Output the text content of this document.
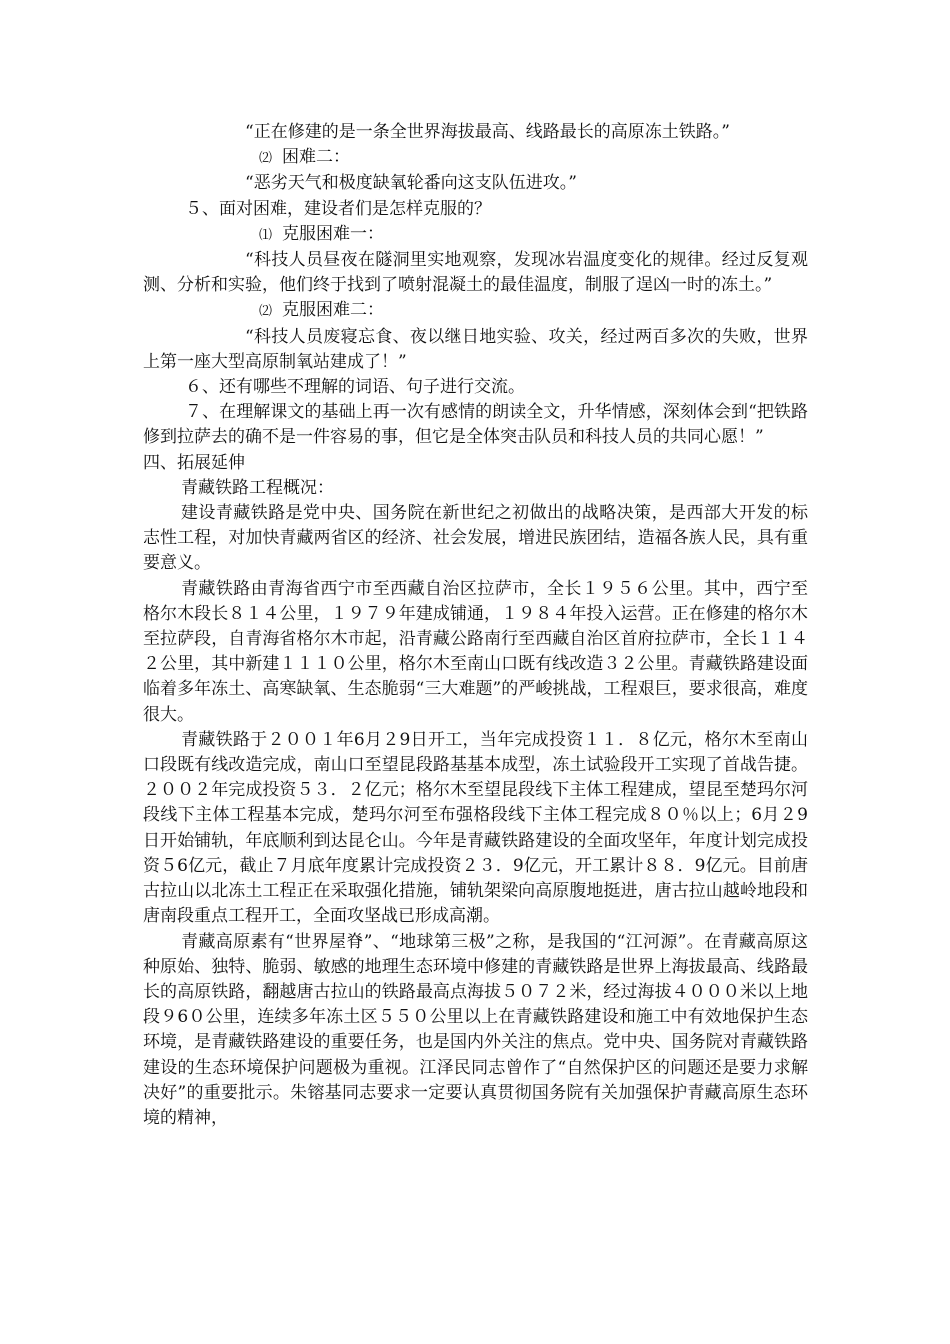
“正在修建的是一条全世界海拔最高、线路最长的高原冻土铁路。”

⑵ 困难二：

“恶劣天气和极度缺氧轮番向这支队伍进攻。”

５、面对困难，建设者们是怎样克服的？

⑴ 克服困难一：

“科技人员昼夜在隧洞里实地观察，发现冰岩温度变化的规律。经过反复观测、分析和实验，他们终于找到了喷射混凝土的最佳温度，制服了逞凶一时的冻土。”

⑵ 克服困难二：

“科技人员废寝忘食、夜以继日地实验、攻关，经过两百多次的失败，世界上第一座大型高原制氧站建成了！”

６、还有哪些不理解的词语、句子进行交流。

７、在理解课文的基础上再一次有感情的朗读全文，升华情感，深刻体会到“把铁路修到拉萨去的确不是一件容易的事，但它是全体突击队员和科技人员的共同心愿！”

四、拓展延伸

青藏铁路工程概况：

建设青藏铁路是党中央、国务院在新世纪之初做出的战略决策，是西部大开发的标志性工程，对加快青藏两省区的经济、社会发展，增进民族团结，造福各族人民，具有重要意义。

青藏铁路由青海省西宁市至西藏自治区拉萨市，全长１９５６公里。其中，西宁至格尔木段长８１４公里，１９７９年建成铺通，１９８４年投入运营。正在修建的格尔木至拉萨段，自青海省格尔木市起，沿青藏公路南行至西藏自治区首府拉萨市，全长１１４２公里，其中新建１１１０公里，格尔木至南山口既有线改造３２公里。青藏铁路建设面临着多年冻土、高寒缺氧、生态脆弱“三大难题”的严峻挑战，工程艰巨，要求很高，难度很大。

青藏铁路于２００１年6月２9日开工，当年完成投资１１．８亿元，格尔木至南山口段既有线改造完成，南山口至望昆段路基基本成型，冻土试验段开工实现了首战告捷。２００２年完成投资５３．２亿元；格尔木至望昆段线下主体工程建成，望昆至楚玛尔河段线下主体工程基本完成，楚玛尔河至布强格段线下主体工程完成８０％以上；6月２9日开始铺轨，年底顺利到达昆仑山。今年是青藏铁路建设的全面攻坚年，年度计划完成投资５6亿元，截止７月底年度累计完成投资２３．9亿元，开工累计８８．9亿元。目前唐古拉山以北冻土工程正在采取强化措施，铺轨架梁向高原腹地挺进，唐古拉山越岭地段和唐南段重点工程开工，全面攻坚战已形成高潮。

青藏高原素有“世界屋脊”、“地球第三极”之称，是我国的“江河源”。在青藏高原这种原始、独特、脆弱、敏感的地理生态环境中修建的青藏铁路是世界上海拔最高、线路最长的高原铁路，翻越唐古拉山的铁路最高点海拔５０７２米，经过海拔４０００米以上地段９6０公里，连续多年冻土区５５０公里以上在青藏铁路建设和施工中有效地保护生态环境，是青藏铁路建设的重要任务，也是国内外关注的焦点。党中央、国务院对青藏铁路建设的生态环境保护问题极为重视。江泽民同志曾作了“自然保护区的问题还是要力求解决好”的重要批示。朱镕基同志要求一定要认真贯彻国务院有关加强保护青藏高原生态环境的精神，
